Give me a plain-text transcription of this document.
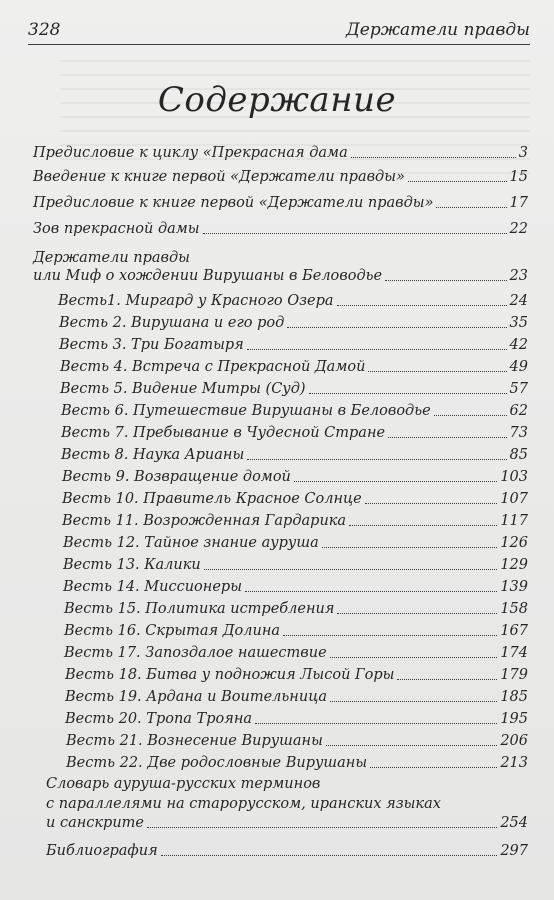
328	Держатели правды
Содержание
Предисловие к циклу «Прекрасная дама	3
Введение к книге первой «Держатели правды»	15
Предисловие к книге первой «Держатели правды»	17
Зов прекрасной дамы	22
Держатели правды
или Миф о хождении Вирушаны в Беловодье	23
Весть1. Миргард у Красного Озера	24
Весть 2. Вирушана и его род	35
Весть 3. Три Богатыря	42
Весть 4. Встреча с Прекрасной Дамой	49
Весть 5. Видение Митры (Суд)	57
Весть 6. Путешествие Вирушаны в Беловодье	62
Весть 7. Пребывание в Чудесной Стране	73
Весть 8. Наука Арианы	85
Весть 9. Возвращение домой	103
Весть 10. Правитель Красное Солнце	107
Весть 11. Возрожденная Гардарика	117
Весть 12. Тайное знание аурушa	126
Весть 13. Калики	129
Весть 14. Миссионеры	139
Весть 15. Политика истребления	158
Весть 16. Скрытая Долина	167
Весть 17. Запоздалое нашествие	174
Весть 18. Битва у подножия Лысой Горы	179
Весть 19. Ардана и Воительница	185
Весть 20. Тропа Трояна	195
Весть 21. Вознесение Вирушаны	206
Весть 22. Две родословные Вирушаны	213
Словарь аурушa-русских терминов
с параллелями на старорусском, иранских языках
и санскрите	254
Библиография	297
